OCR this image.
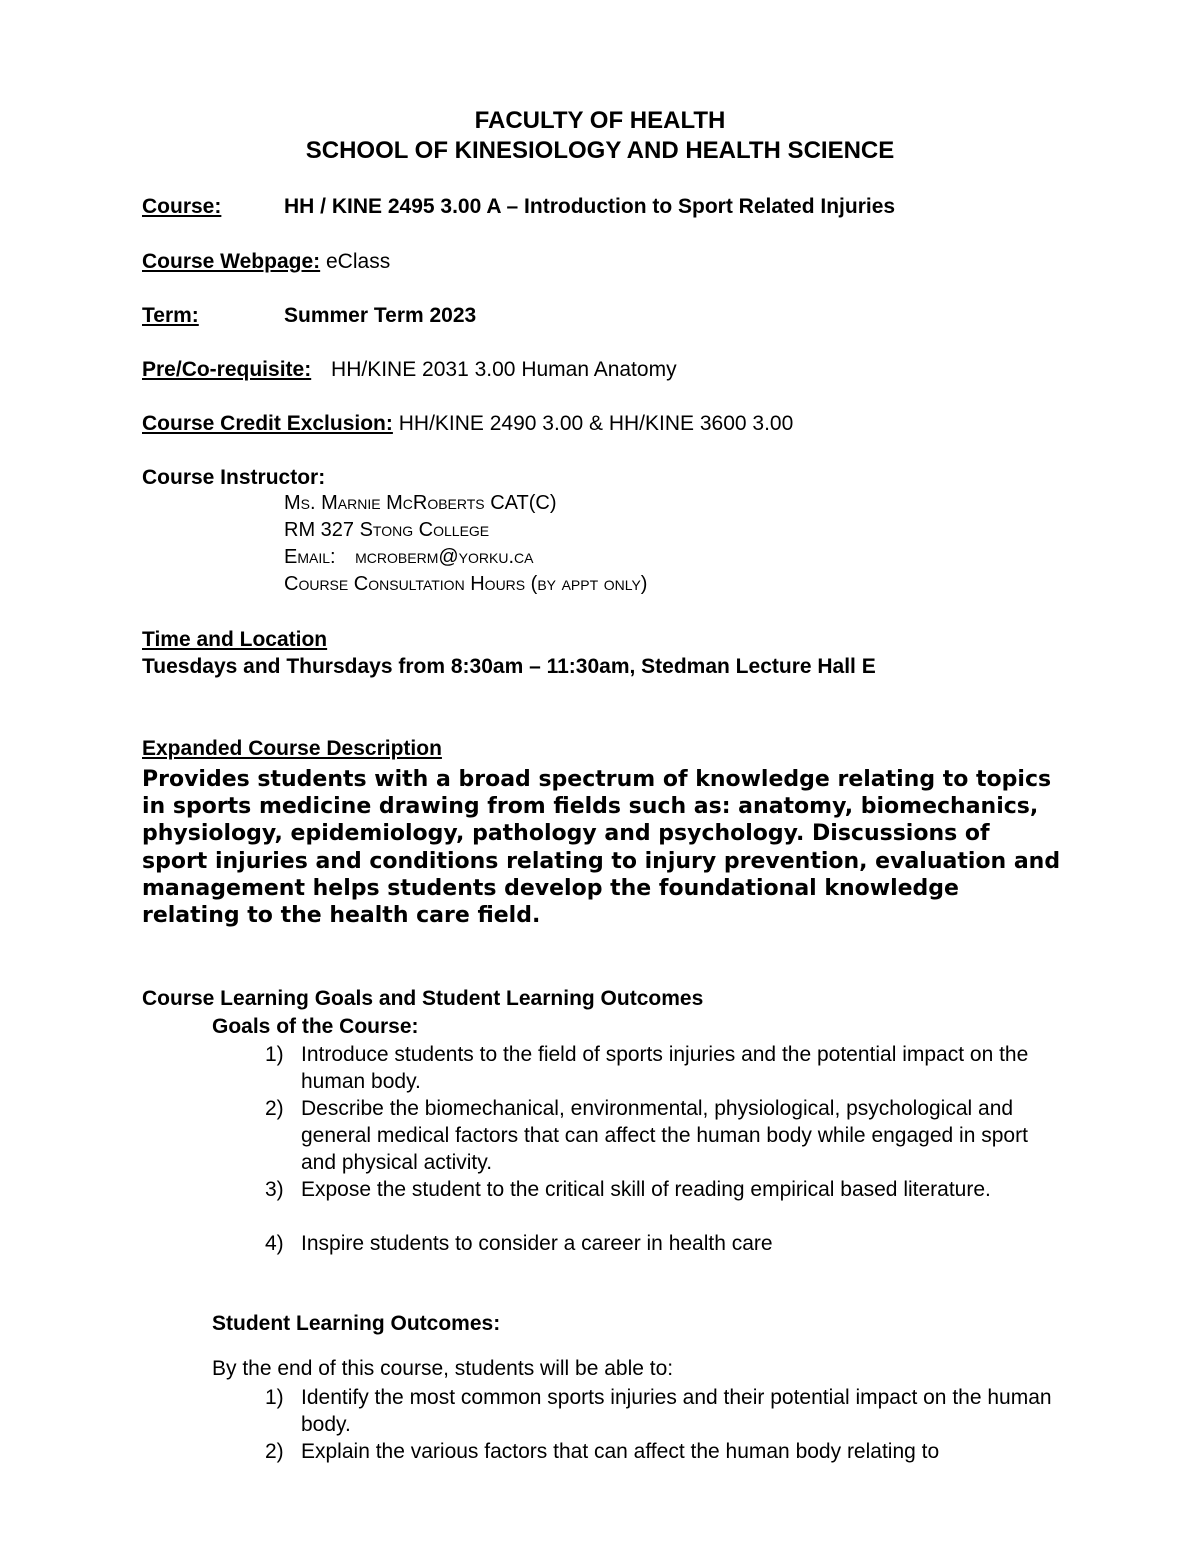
FACULTY OF HEALTH
SCHOOL OF KINESIOLOGY AND HEALTH SCIENCE
Course:	HH / KINE 2495 3.00 A – Introduction to Sport Related Injuries
Course Webpage: eClass
Term:	Summer Term 2023
Pre/Co-requisite: HH/KINE 2031 3.00 Human Anatomy
Course Credit Exclusion: HH/KINE 2490 3.00 & HH/KINE 3600 3.00
Course Instructor:
Ms. Marnie McRoberts CAT(C)
RM 327 Stong College
Email: mcroberm@yorku.ca
Course Consultation Hours (by appt only)
Time and Location
Tuesdays and Thursdays from 8:30am – 11:30am, Stedman Lecture Hall E
Expanded Course Description
Provides students with a broad spectrum of knowledge relating to topics in sports medicine drawing from fields such as: anatomy, biomechanics, physiology, epidemiology, pathology and psychology. Discussions of sport injuries and conditions relating to injury prevention, evaluation and management helps students develop the foundational knowledge relating to the health care field.
Course Learning Goals and Student Learning Outcomes
Goals of the Course:
1) Introduce students to the field of sports injuries and the potential impact on the human body.
2) Describe the biomechanical, environmental, physiological, psychological and general medical factors that can affect the human body while engaged in sport and physical activity.
3) Expose the student to the critical skill of reading empirical based literature.
4) Inspire students to consider a career in health care
Student Learning Outcomes:
By the end of this course, students will be able to:
1) Identify the most common sports injuries and their potential impact on the human body.
2) Explain the various factors that can affect the human body relating to
